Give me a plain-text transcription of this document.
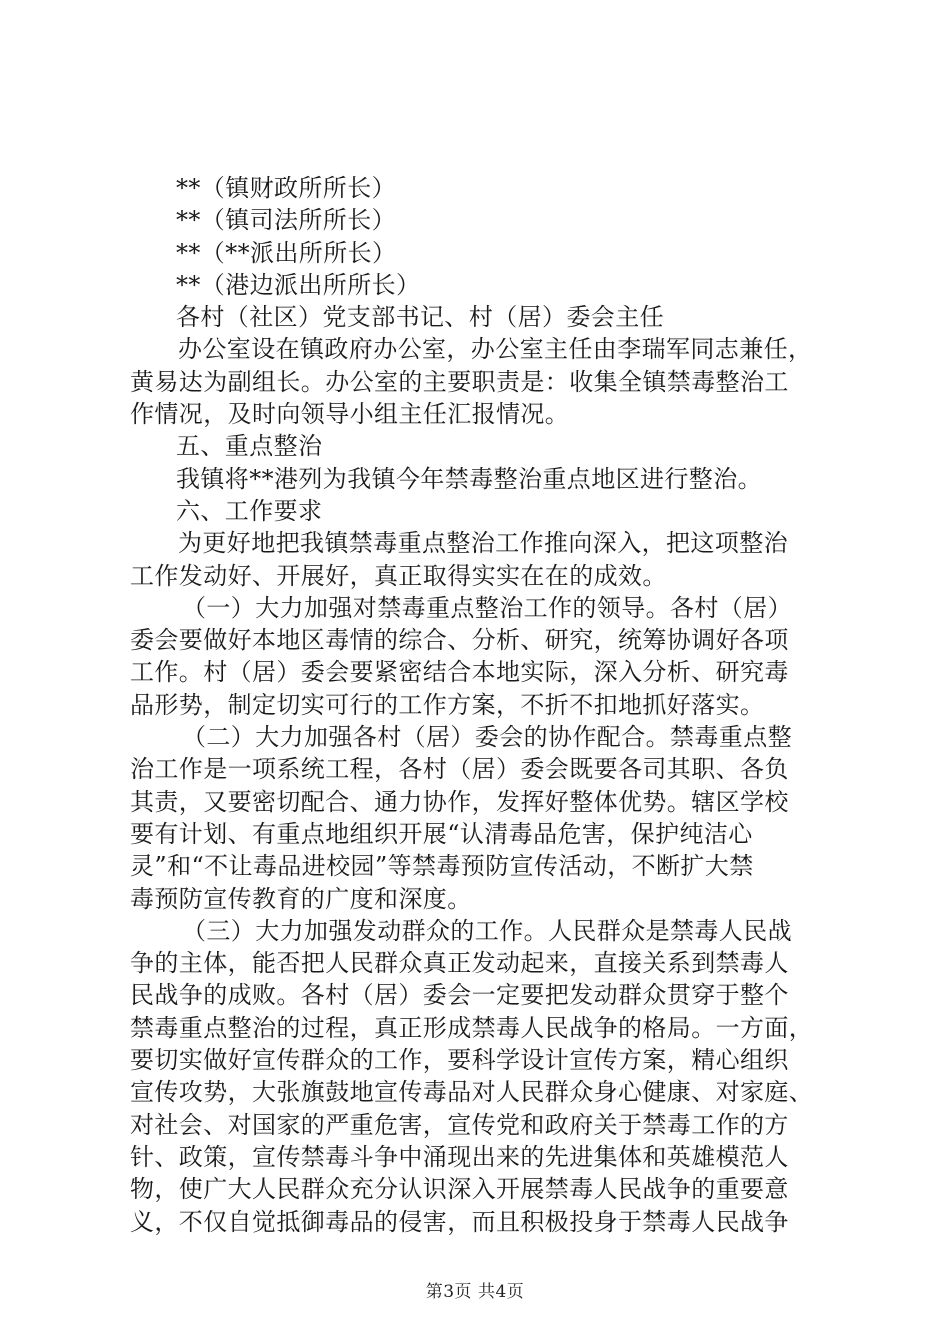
**（镇财政所所长）
**（镇司法所所长）
**（**派出所所长）
**（港边派出所所长）
各村（社区）党支部书记、村（居）委会主任
办公室设在镇政府办公室，办公室主任由李瑞军同志兼任，
黄易达为副组长。办公室的主要职责是：收集全镇禁毒整治工
作情况，及时向领导小组主任汇报情况。
五、重点整治
我镇将**港列为我镇今年禁毒整治重点地区进行整治。
六、工作要求
为更好地把我镇禁毒重点整治工作推向深入，把这项整治
工作发动好、开展好，真正取得实实在在的成效。
（一）大力加强对禁毒重点整治工作的领导。各村（居）
委会要做好本地区毒情的综合、分析、研究，统筹协调好各项
工作。村（居）委会要紧密结合本地实际，深入分析、研究毒
品形势，制定切实可行的工作方案，不折不扣地抓好落实。
（二）大力加强各村（居）委会的协作配合。禁毒重点整
治工作是一项系统工程，各村（居）委会既要各司其职、各负
其责，又要密切配合、通力协作，发挥好整体优势。辖区学校
要有计划、有重点地组织开展“认清毒品危害，保护纯洁心
灵”和“不让毒品进校园”等禁毒预防宣传活动，不断扩大禁
毒预防宣传教育的广度和深度。
（三）大力加强发动群众的工作。人民群众是禁毒人民战
争的主体，能否把人民群众真正发动起来，直接关系到禁毒人
民战争的成败。各村（居）委会一定要把发动群众贯穿于整个
禁毒重点整治的过程，真正形成禁毒人民战争的格局。一方面，
要切实做好宣传群众的工作，要科学设计宣传方案，精心组织
宣传攻势，大张旗鼓地宣传毒品对人民群众身心健康、对家庭、
对社会、对国家的严重危害，宣传党和政府关于禁毒工作的方
针、政策，宣传禁毒斗争中涌现出来的先进集体和英雄模范人
物，使广大人民群众充分认识深入开展禁毒人民战争的重要意
义，不仅自觉抵御毒品的侵害，而且积极投身于禁毒人民战争
第3页 共4页
